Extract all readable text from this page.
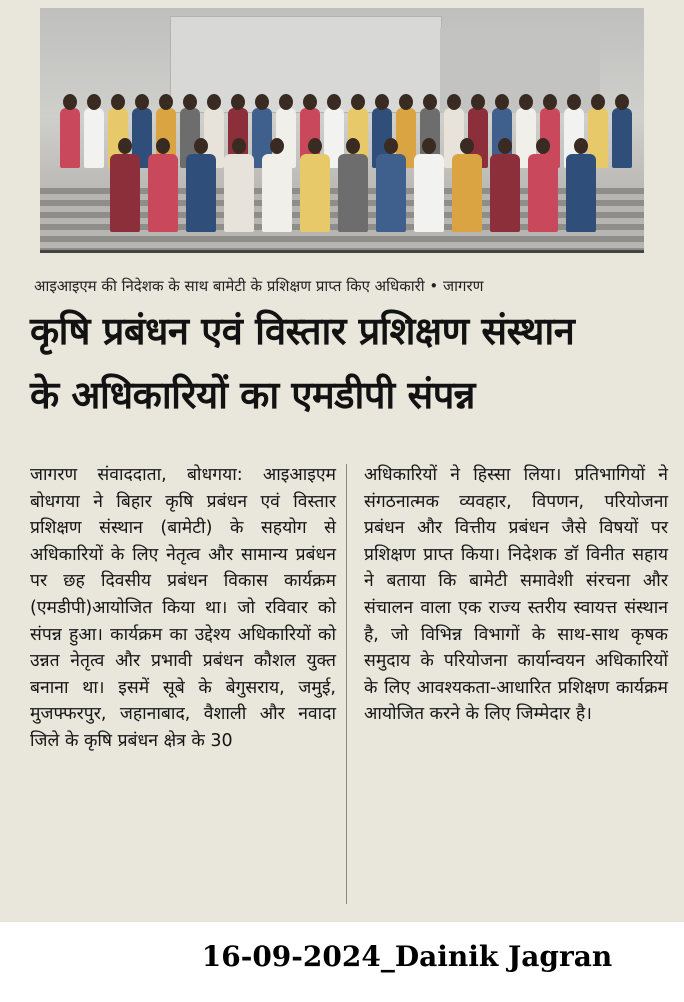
आइआइएम की निदेशक के साथ बामेटी के प्रशिक्षण प्राप्त किए अधिकारी • जागरण
कृषि प्रबंधन एवं विस्तार प्रशिक्षण संस्थान
के अधिकारियों का एमडीपी संपन्न

जागरण संवाददाता, बोधगया: आइआइएम बोधगया ने बिहार कृषि प्रबंधन एवं विस्तार प्रशिक्षण संस्थान (बामेटी) के सहयोग से अधिकारियों के लिए नेतृत्व और सामान्य प्रबंधन पर छह दिवसीय प्रबंधन विकास कार्यक्रम (एमडीपी)आयोजित किया था। जो रविवार को संपन्न हुआ। कार्यक्रम का उद्देश्य अधिकारियों को उन्नत नेतृत्व और प्रभावी प्रबंधन कौशल युक्त बनाना था। इसमें सूबे के बेगुसराय, जमुई, मुजफ्फरपुर, जहानाबाद, वैशाली और नवादा जिले के कृषि प्रबंधन क्षेत्र के 30

अधिकारियों ने हिस्सा लिया। प्रतिभागियों ने संगठनात्मक व्यवहार, विपणन, परियोजना प्रबंधन और वित्तीय प्रबंधन जैसे विषयों पर प्रशिक्षण प्राप्त किया। निदेशक डॉ विनीत सहाय ने बताया कि बामेटी समावेशी संरचना और संचालन वाला एक राज्य स्तरीय स्वायत्त संस्थान है, जो विभिन्न विभागों के साथ-साथ कृषक समुदाय के परियोजना कार्यान्वयन अधिकारियों के लिए आवश्यकता-आधारित प्रशिक्षण कार्यक्रम आयोजित करने के लिए जिम्मेदार है।

16-09-2024_Dainik Jagran
